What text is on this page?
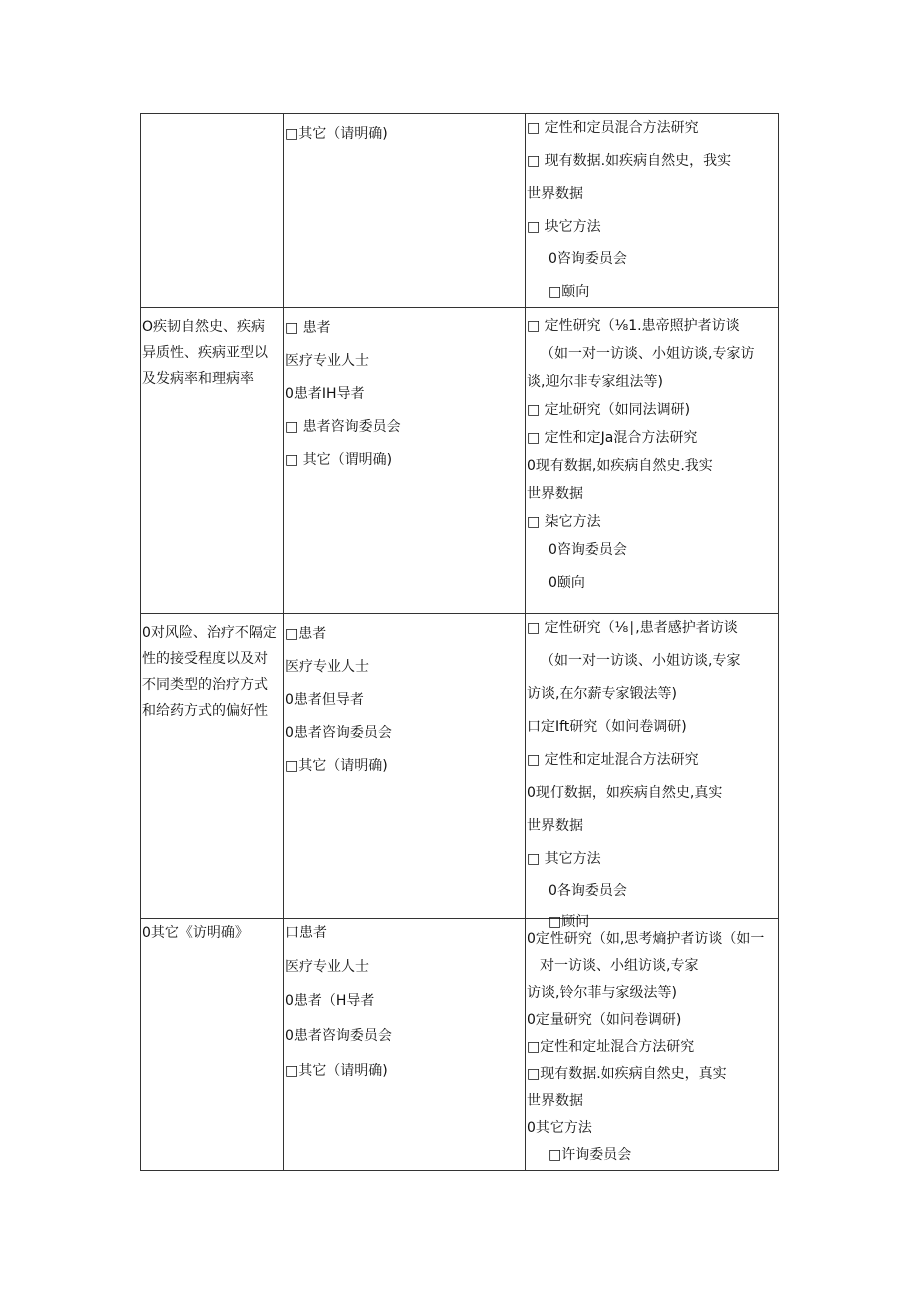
□其它（请明确)	□ 定性和定员混合方法研究
□ 现有数据.如疾病自然史，我实
世界数据
□ 块它方法
0咨询委员会
□颐向
O疾韧自然史、疾病
异质性、疾病亚型以
及发病率和理病率
□ 患者
医疗专业人士
0患者IH导者
□ 患者咨询委员会
□ 其它（谓明确)
□ 定性研究（⅛1.患帝照护者访谈
（如一对一访谈、小姐访谈,专家访
谈,迎尔非专家组法等)
□ 定址研究（如同法调研)
□ 定性和定Ja混合方法研究
0现有数据,如疾病自然史.我实
世界数据
□ 柒它方法
0咨询委员会
0颐向
0对风险、治疗不隔定
性的接受程度以及对
不同类型的治疗方式
和给药方式的偏好性
□患者
医疗专业人士
0患者但导者
0患者咨询委员会
□其它（请明确)
□ 定性研究（⅛∣,患者感护者访谈
（如一对一访谈、小姐访谈,专家
访谈,在尔薪专家锻法等)
口定Ift研究（如问卷调研)
□ 定性和定址混合方法研究
0现仃数据，如疾病自然史,真实
世界数据
□ 其它方法
0各询委员会
□顾问
0其它《访明确》	口患者
医疗专业人士
0患者（H导者
0患者咨询委员会
□其它（请明确)
0定性研究（如,思考熵护者访谈（如一
对一访谈、小组访谈,专家
访谈,铃尔菲与家级法等)
0定量研究（如问卷调研)
□定性和定址混合方法研究
□现有数据.如疾病自然史，真实
世界数据
0其它方法
□许询委员会
